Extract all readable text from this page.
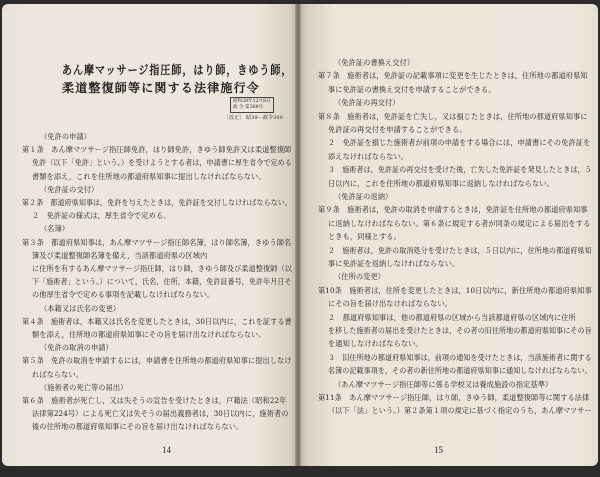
あん摩マッサージ指圧師，はり師，きゆう師，
柔道整復師等に関する法律施行令
昭和28年12月8日
政 令 第368号
［改正］ 昭39－政令300
（免許の申請）
第１条　あん摩マツサージ指圧師免許，はり師免許，きゆう師免許又は柔道整復師
免許（以下「免許」という。）を受けようとする者は，申請書に厚生省令で定める
書類を添え，これを住所地の都道府県知事に提出しなければならない。
（免許証の交付）
第２条　都道府県知事は，免許を与えたときは，免許証を交付しなければならない。
２　免許証の様式は，厚生省令で定める。
（名簿）
第３条　都道府県知事は，あん摩マツサージ指圧師名簿，はり師名簿，きゆう師名
簿及び柔道整復師名簿を備え，当該都道府県の区域内
に住所を有するあん摩マツサージ指圧師，はり師，きゆう師及び柔道整復師（以
下「施術者」という。）について，氏名，住所，本籍，免許証番号，免許年月日そ
の他厚生省令で定める事項を記載しなければならない。
（本籍又は氏名の変更）
第４条　施術者は，本籍又は氏名を変更したときは，30日以内に，これを証する書
類を添え，住所地の都道府県知事にその旨を届け出なければならない。
（免許の取消の申請）
第５条　免許の取消を申請するには，申請書を住所地の都道府県知事に提出しなけ
ればならない。
（施術者の死亡等の届出）
第６条　施術者が死亡し，又は失そうの宣告を受けたときは，戸籍法（昭和22年
法律第224号）による死亡又は失そうの届出義務者は，30日以内に，施術者の
後の住所地の都道府県知事にその旨を届け出なければならない。
14
（免許証の書換え交付）
第７条　施術者は，免許証の記載事項に変更を生じたときは，住所地の都道府県知
事に免許証の書換え交付を申請することができる。
（免許証の再交付）
第８条　施術者は，免許証を亡失し，又は損じたときは，住所地の都道府県知事に
免許証の再交付を申請することができる。
２　免許証を損じた施術者が前項の申請をする場合には，申請書にその免許証を
添えなければならない。
３　施術者は，免許証の再交付を受けた後，亡失した免許証を発見したときは，５
日以内に，これを住所地の都道府県知事に返納しなければならない。
（免許証の返納）
第９条　施術者は，免許の取消を申請するときは，免許証を住所地の都道府県知事
に返納しなければならない。第６条に規定する者が同条の規定による届出をする
ときも，同様とする。
２　施術者は，免許の取消処分を受けたときは，５日以内に，住所地の都道府県知
事に免許証を返納しなければならない。
（住所の変更）
第10条　施術者は，住所を変更したときは，10日以内に，新住所地の都道府県知事
にその旨を届け出なければならない。
２　都道府県知事は，他の都道府県の区域から当該都道府県の区域内に住所
を移した施術者の届出を受けたときは，その者の旧住所地の都道府県知事にその旨
を通知しなければならない。
３　旧住所地の都道府県知事は，前項の通知を受けたときは，当該施術者に関する
名簿の記載事項を，その者の新住所地の都道府県知事に通知しなければならない。
（あん摩マツサージ指圧師等に係る学校又は養成施設の指定基準）
第11条　あん摩マツサージ指圧師，はり師，きゆう師，柔道整復師等に関する法律
（以下「法」という。）第２条第１項の規定に基づく指定のうち，あん摩マツサー
15
